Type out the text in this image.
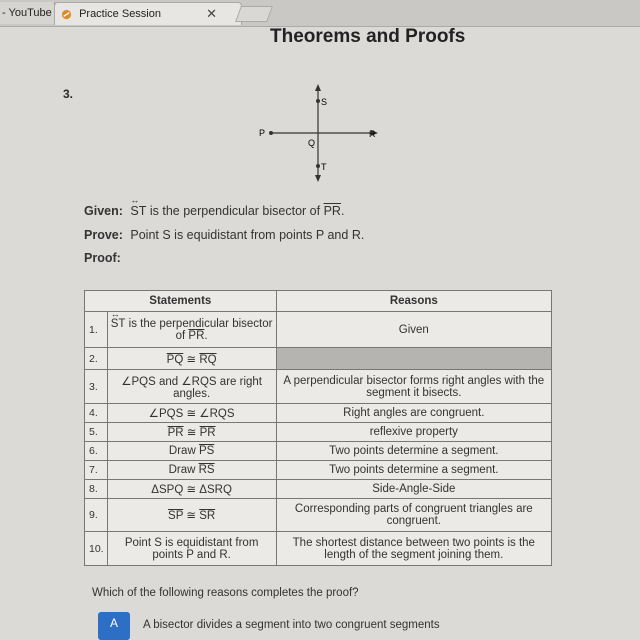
- YouTube	Practice Session	✕
Theorems and Proofs
3.
S
P
Q
R
T
Given: ↔ ST is the perpendicular bisector of $\overline{PR}$.
Prove: Point S is equidistant from points P and R.
Proof:
Statements		Reasons
1.	↔ ST is the perpendicular bisector of $\overline{PR}$.	Given
2.	$\overline{PQ}$ ≅ $\overline{RQ}$	
3.	∠PQS and ∠RQS are right angles.	A perpendicular bisector forms right angles with the segment it bisects.
4.	∠PQS ≅ ∠RQS	Right angles are congruent.
5.	$\overline{PR}$ ≅ $\overline{PR}$	reflexive property
6.	Draw $\overline{PS}$	Two points determine a segment.
7.	Draw $\overline{RS}$	Two points determine a segment.
8.	ΔSPQ ≅ ΔSRQ	Side-Angle-Side
9.	$\overline{SP}$ ≅ $\overline{SR}$	Corresponding parts of congruent triangles are congruent.
10.	Point S is equidistant from points P and R.	The shortest distance between two points is the length of the segment joining them.
Which of the following reasons completes the proof?
A	A bisector divides a segment into two congruent segments
